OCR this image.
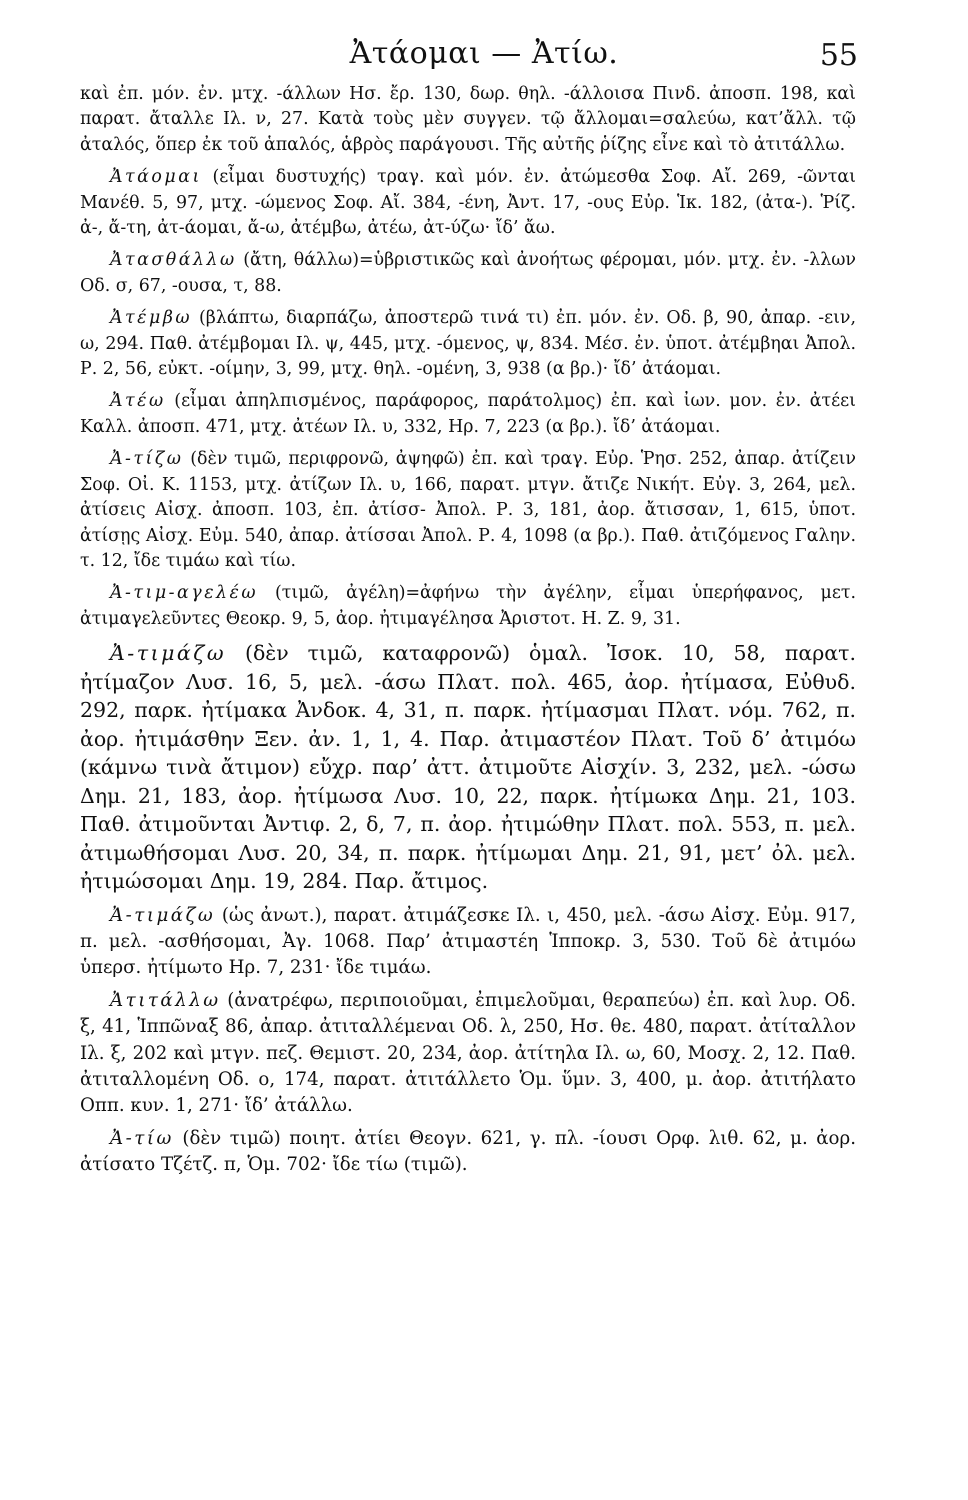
Ἀτάομαι — Ἀτίω.	55

καὶ ἐπ. μόν. ἐν. μτχ. -άλλων Ησ. ἔρ. 130, δωρ. θηλ. -άλλοισα Πινδ. ἀποσπ. 198, καὶ παρατ. ἄταλλε Ιλ. ν, 27. Κατὰ τοὺς μὲν συγγεν. τῷ ἄλλομαι=σαλεύω, κατ’ἄλλ. τῷ ἀταλός, ὅπερ ἐκ τοῦ ἁπαλός, ἁβρὸς παράγουσι. Τῆς αὐτῆς ῥίζης εἶνε καὶ τὸ ἀτιτάλλω.

Ἀτάομαι (εἶμαι δυστυχής) τραγ. καὶ μόν. ἐν. ἀτώμεσθα Σοφ. Αἴ. 269, -ῶνται Μανέθ. 5, 97, μτχ. -ώμενος Σοφ. Αἴ. 384, -ένη, Ἀντ. 17, -ους Εὐρ. Ἱκ. 182, (ἀτα-). Ῥίζ. ἀ-, ἄ-τη, ἀτ-άομαι, ἄ-ω, ἀτέμβω, ἀτέω, ἀτ-ύζω· ἴδ’ ἄω.

Ἀτασθάλλω (ἄτη, θάλλω)=ὑβριστικῶς καὶ ἀνοήτως φέρομαι, μόν. μτχ. ἐν. -λλων Οδ. σ, 67, -ουσα, τ, 88.

Ἀτέμβω (βλάπτω, διαρπάζω, ἀποστερῶ τινά τι) ἐπ. μόν. ἐν. Οδ. β, 90, ἀπαρ. -ειν, ω, 294. Παθ. ἀτέμβομαι Ιλ. ψ, 445, μτχ. -όμενος, ψ, 834. Μέσ. ἐν. ὑποτ. ἀτέμβηαι Ἀπολ. Ρ. 2, 56, εὐκτ. -οίμην, 3, 99, μτχ. θηλ. -ομένη, 3, 938 (α βρ.)· ἴδ’ ἀτάομαι.

Ἀτέω (εἶμαι ἀπηλπισμένος, παράφορος, παράτολμος) ἐπ. καὶ ἰων. μον. ἐν. ἀτέει Καλλ. ἀποσπ. 471, μτχ. ἀτέων Ιλ. υ, 332, Ηρ. 7, 223 (α βρ.). ἴδ’ ἀτάομαι.

Ἀ-τίζω (δὲν τιμῶ, περιφρονῶ, ἀψηφῶ) ἐπ. καὶ τραγ. Εὐρ. Ῥησ. 252, ἀπαρ. ἀτίζειν Σοφ. Οἰ. Κ. 1153, μτχ. ἀτίζων Ιλ. υ, 166, παρατ. μτγν. ἄτιζε Νικήτ. Εὐγ. 3, 264, μελ. ἀτίσεις Αἰσχ. ἀποσπ. 103, ἐπ. ἀτίσσ- Ἀπολ. Ρ. 3, 181, ἀορ. ἄτισσαν, 1, 615, ὑποτ. ἀτίσῃς Αἰσχ. Εὐμ. 540, ἀπαρ. ἀτίσσαι Ἀπολ. Ρ. 4, 1098 (α βρ.). Παθ. ἀτιζόμενος Γαλην. τ. 12, ἴδε τιμάω καὶ τίω.

Ἀ-τιμ-αγελέω (τιμῶ, ἀγέλη)=ἀφήνω τὴν ἀγέλην, εἶμαι ὑπερήφανος, μετ. ἀτιμαγελεῦντες Θεοκρ. 9, 5, ἀορ. ἠτιμαγέλησα Ἀριστοτ. Η. Ζ. 9, 31.

Ἀ-τιμάζω (δὲν τιμῶ, καταφρονῶ) ὁμαλ. Ἰσοκ. 10, 58, παρατ. ἠτίμαζον Λυσ. 16, 5, μελ. -άσω Πλατ. πολ. 465, ἀορ. ἠτίμασα, Εὐθυδ. 292, παρκ. ἠτίμακα Ἀνδοκ. 4, 31, π. παρκ. ἠτίμασμαι Πλατ. νόμ. 762, π. ἀορ. ἠτιμάσθην Ξεν. ἀν. 1, 1, 4. Παρ. ἀτιμαστέον Πλατ. Τοῦ δ’ ἀτιμόω (κάμνω τινὰ ἄτιμον) εὔχρ. παρ’ ἀττ. ἀτιμοῦτε Αἰσχίν. 3, 232, μελ. -ώσω Δημ. 21, 183, ἀορ. ἠτίμωσα Λυσ. 10, 22, παρκ. ἠτίμωκα Δημ. 21, 103. Παθ. ἀτιμοῦνται Ἀντιφ. 2, δ, 7, π. ἀορ. ἠτιμώθην Πλατ. πολ. 553, π. μελ. ἀτιμωθήσομαι Λυσ. 20, 34, π. παρκ. ἠτίμωμαι Δημ. 21, 91, μετ’ ὀλ. μελ. ἠτιμώσομαι Δημ. 19, 284. Παρ. ἄτιμος.

Ἀ-τιμάζω (ὡς ἀνωτ.), παρατ. ἀτιμάζεσκε Ιλ. ι, 450, μελ. -άσω Αἰσχ. Εὐμ. 917, π. μελ. -ασθήσομαι, Ἀγ. 1068. Παρ’ ἀτιμαστέη Ἱπποκρ. 3, 530. Τοῦ δὲ ἀτιμόω ὑπερσ. ἠτίμωτο Ηρ. 7, 231· ἴδε τιμάω.

Ἀτιτάλλω (ἀνατρέφω, περιποιοῦμαι, ἐπιμελοῦμαι, θεραπεύω) ἐπ. καὶ λυρ. Οδ. ξ, 41, Ἱππῶναξ 86, ἀπαρ. ἀτιταλλέμεναι Οδ. λ, 250, Ησ. θε. 480, παρατ. ἀτίταλλον Ιλ. ξ, 202 καὶ μτγν. πεζ. Θεμιστ. 20, 234, ἀορ. ἀτίτηλα Ιλ. ω, 60, Μοσχ. 2, 12. Παθ. ἀτιταλλομένη Οδ. ο, 174, παρατ. ἀτιτάλλετο Ὁμ. ὕμν. 3, 400, μ. ἀορ. ἀτιτήλατο Οππ. κυν. 1, 271· ἴδ’ ἀτάλλω.

Ἀ-τίω (δὲν τιμῶ) ποιητ. ἀτίει Θεογν. 621, γ. πλ. -ίουσι Ορφ. λιθ. 62, μ. ἀορ. ἀτίσατο Τζέτζ. π, Ὁμ. 702· ἴδε τίω (τιμῶ).
